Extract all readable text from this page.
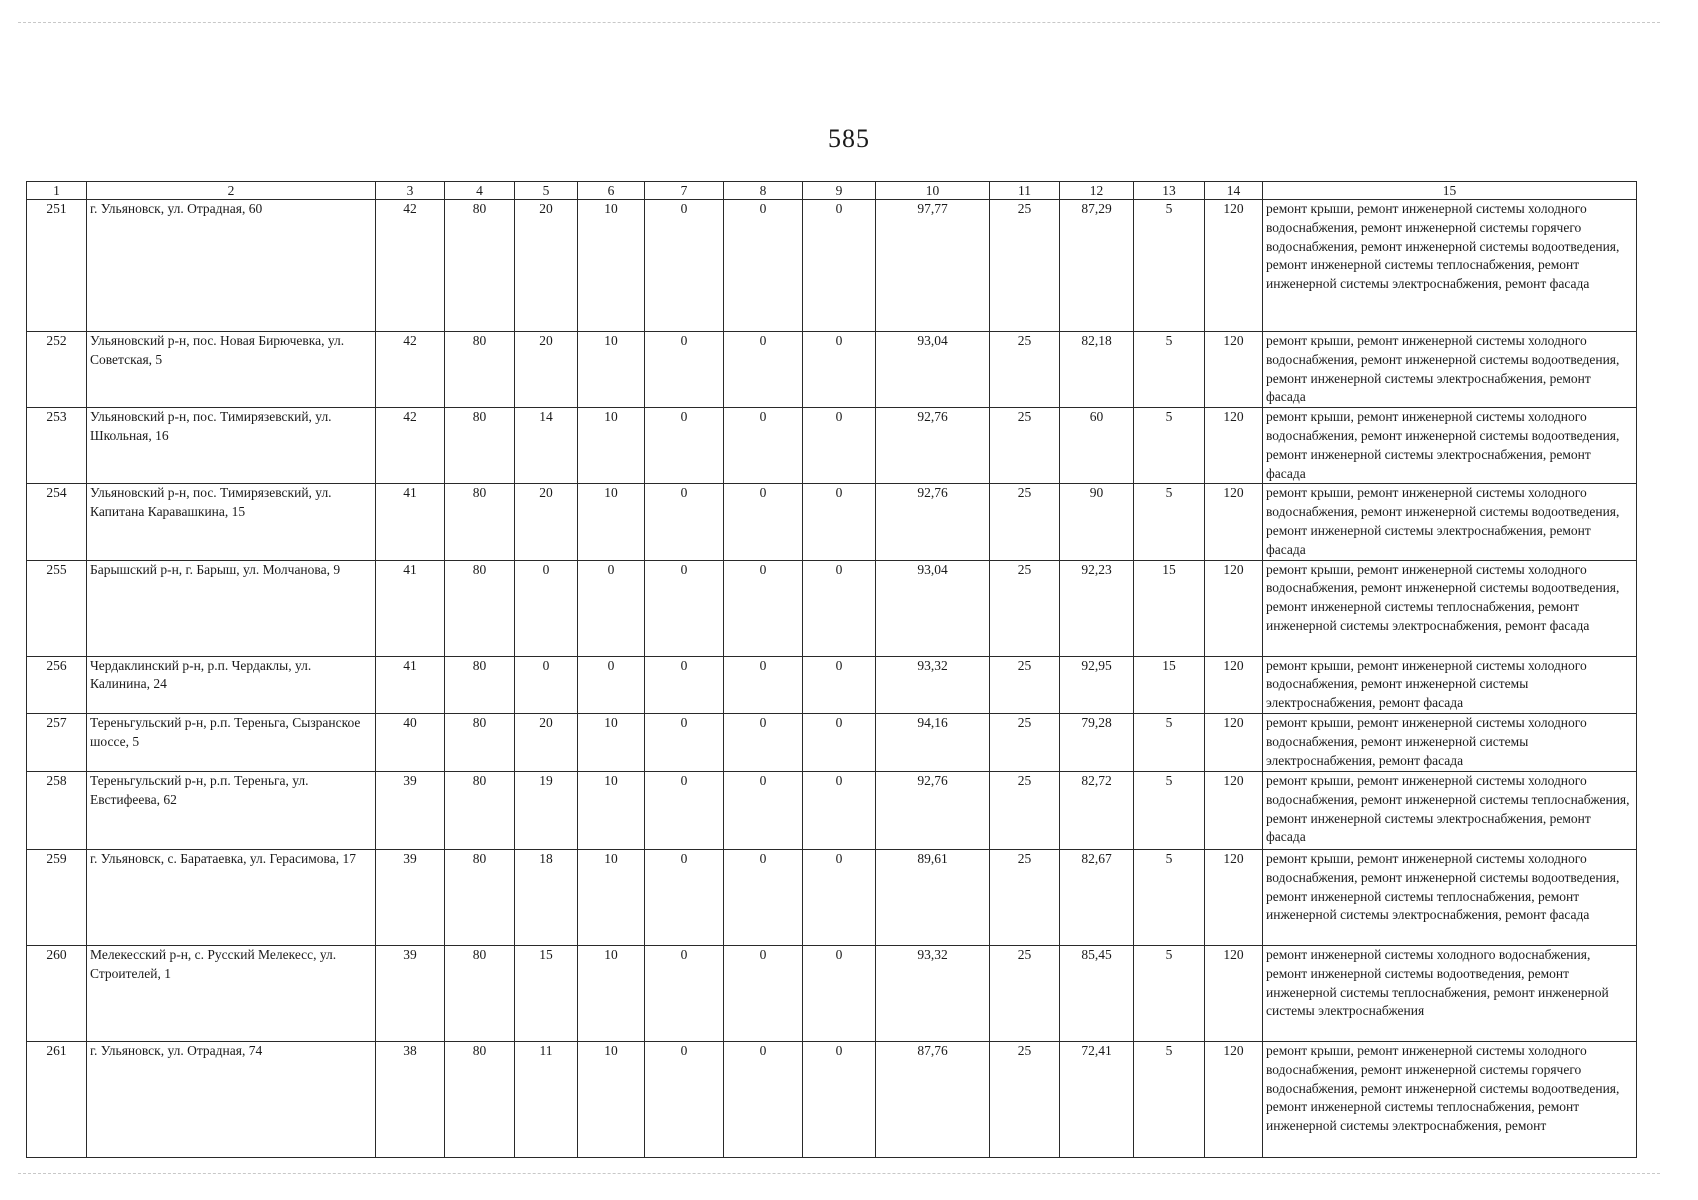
585
1	2	3	4	5	6	7	8	9	10	11	12	13	14	15
251	г. Ульяновск, ул. Отрадная, 60	42	80	20	10	0	0	0	97,77	25	87,29	5	120	ремонт крыши, ремонт инженерной системы холодного водоснабжения, ремонт инженерной системы горячего водоснабжения, ремонт инженерной системы водоотведения, ремонт инженерной системы теплоснабжения, ремонт инженерной системы электроснабжения, ремонт фасада
252	Ульяновский р-н, пос. Новая Бирючевка, ул. Советская, 5	42	80	20	10	0	0	0	93,04	25	82,18	5	120	ремонт крыши, ремонт инженерной системы холодного водоснабжения, ремонт инженерной системы водоотведения, ремонт инженерной системы электроснабжения, ремонт фасада
253	Ульяновский р-н, пос. Тимирязевский, ул. Школьная, 16	42	80	14	10	0	0	0	92,76	25	60	5	120	ремонт крыши, ремонт инженерной системы холодного водоснабжения, ремонт инженерной системы водоотведения, ремонт инженерной системы электроснабжения, ремонт фасада
254	Ульяновский р-н, пос. Тимирязевский, ул. Капитана Каравашкина, 15	41	80	20	10	0	0	0	92,76	25	90	5	120	ремонт крыши, ремонт инженерной системы холодного водоснабжения, ремонт инженерной системы водоотведения, ремонт инженерной системы электроснабжения, ремонт фасада
255	Барышский р-н, г. Барыш, ул. Молчанова, 9	41	80	0	0	0	0	0	93,04	25	92,23	15	120	ремонт крыши, ремонт инженерной системы холодного водоснабжения, ремонт инженерной системы водоотведения, ремонт инженерной системы теплоснабжения, ремонт инженерной системы электроснабжения, ремонт фасада
256	Чердаклинский р-н, р.п. Чердаклы, ул. Калинина, 24	41	80	0	0	0	0	0	93,32	25	92,95	15	120	ремонт крыши, ремонт инженерной системы холодного водоснабжения, ремонт инженерной системы электроснабжения, ремонт фасада
257	Тереньгульский р-н, р.п. Тереньга, Сызранское шоссе, 5	40	80	20	10	0	0	0	94,16	25	79,28	5	120	ремонт крыши, ремонт инженерной системы холодного водоснабжения, ремонт инженерной системы электроснабжения, ремонт фасада
258	Тереньгульский р-н, р.п. Тереньга, ул. Евстифеева, 62	39	80	19	10	0	0	0	92,76	25	82,72	5	120	ремонт крыши, ремонт инженерной системы холодного водоснабжения, ремонт инженерной системы теплоснабжения, ремонт инженерной системы электроснабжения, ремонт фасада
259	г. Ульяновск, с. Баратаевка, ул. Герасимова, 17	39	80	18	10	0	0	0	89,61	25	82,67	5	120	ремонт крыши, ремонт инженерной системы холодного водоснабжения, ремонт инженерной системы водоотведения, ремонт инженерной системы теплоснабжения, ремонт инженерной системы электроснабжения, ремонт фасада
260	Мелекесский р-н, с. Русский Мелекесс, ул. Строителей, 1	39	80	15	10	0	0	0	93,32	25	85,45	5	120	ремонт инженерной системы холодного водоснабжения, ремонт инженерной системы водоотведения, ремонт инженерной системы теплоснабжения, ремонт инженерной системы электроснабжения
261	г. Ульяновск, ул. Отрадная, 74	38	80	11	10	0	0	0	87,76	25	72,41	5	120	ремонт крыши, ремонт инженерной системы холодного водоснабжения, ремонт инженерной системы горячего водоснабжения, ремонт инженерной системы водоотведения, ремонт инженерной системы теплоснабжения, ремонт инженерной системы электроснабжения, ремонт
